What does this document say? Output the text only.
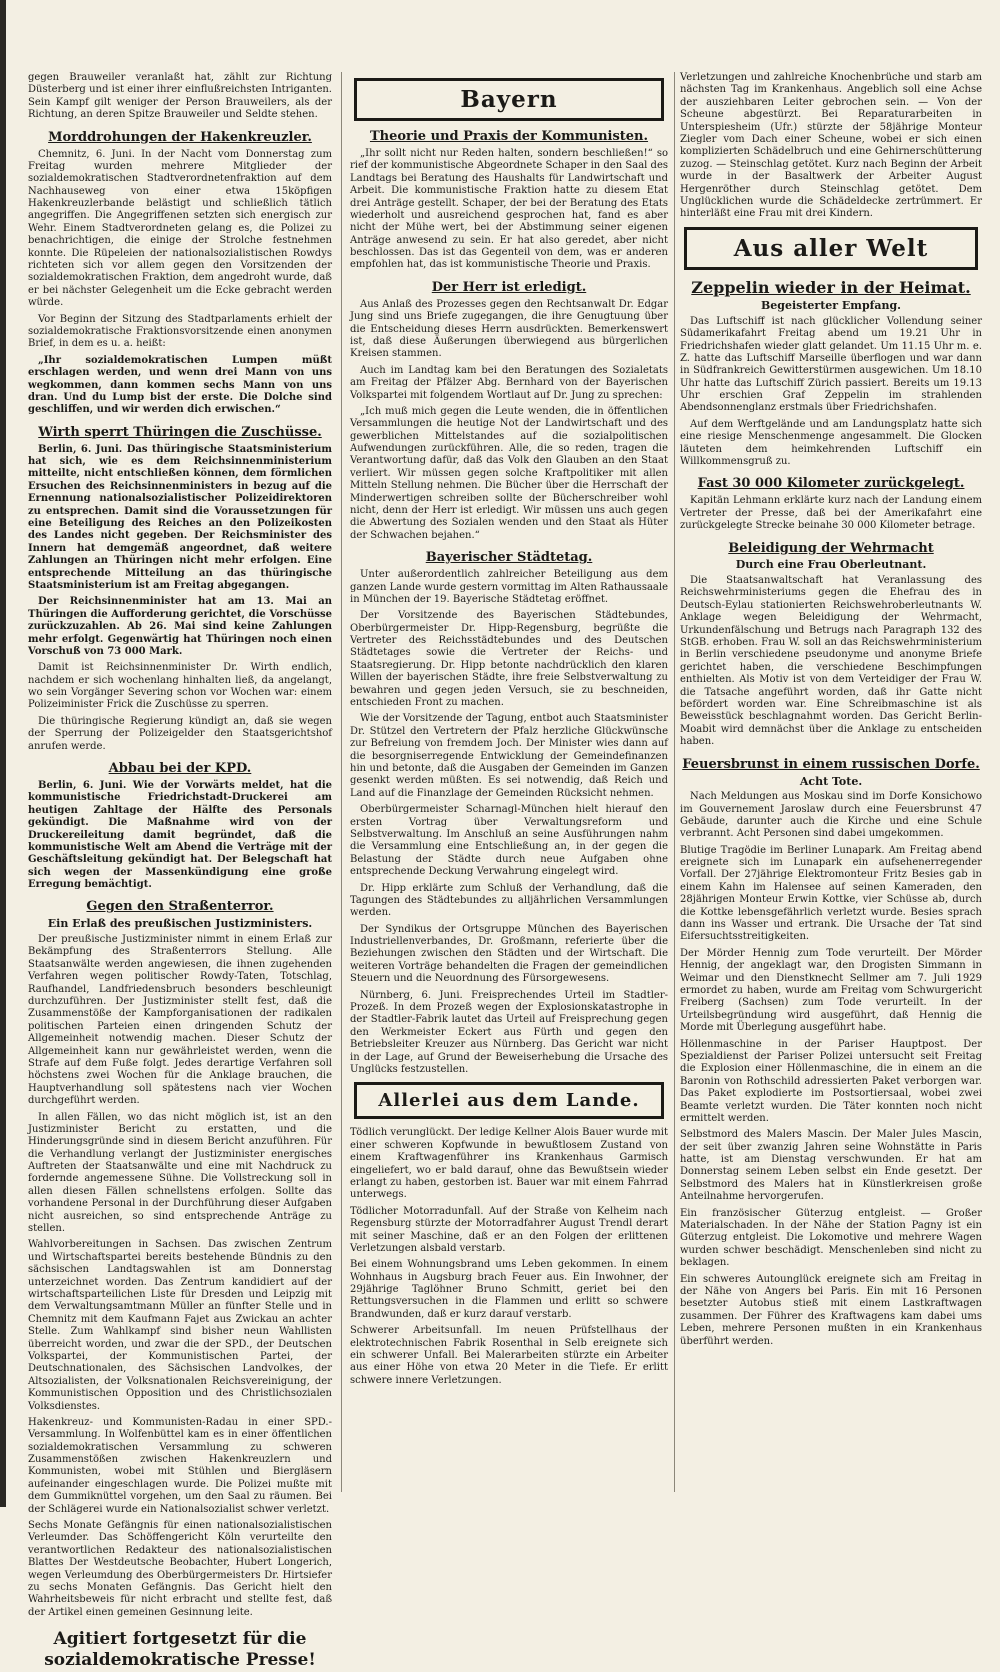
gegen Brauweiler veranlaßt hat, zählt zur Richtung Düsterberg und ist einer ihrer einflußreichsten Intriganten. Sein Kampf gilt weniger der Person Brauweilers, als der Richtung, an deren Spitze Brauweiler und Seldte stehen.

Morddrohungen der Hakenkreuzler.

Chemnitz, 6. Juni. In der Nacht vom Donnerstag zum Freitag wurden mehrere Mitglieder der sozialdemokratischen Stadtverordnetenfraktion auf dem Nachhauseweg von einer etwa 15köpfigen Hakenkreuzlerbande belästigt und schließlich tätlich angegriffen. Die Angegriffenen setzten sich energisch zur Wehr. Einem Stadtverordneten gelang es, die Polizei zu benachrichtigen, die einige der Strolche festnehmen konnte. Die Rüpeleien der nationalsozialistischen Rowdys richteten sich vor allem gegen den Vorsitzenden der sozialdemokratischen Fraktion, dem angedroht wurde, daß er bei nächster Gelegenheit um die Ecke gebracht werden würde.

Vor Beginn der Sitzung des Stadtparlaments erhielt der sozialdemokratische Fraktionsvorsitzende einen anonymen Brief, in dem es u. a. heißt:

„Ihr sozialdemokratischen Lumpen müßt erschlagen werden, und wenn drei Mann von uns wegkommen, dann kommen sechs Mann von uns dran. Und du Lump bist der erste. Die Dolche sind geschliffen, und wir werden dich erwischen.“

Wirth sperrt Thüringen die Zuschüsse.

Berlin, 6. Juni. Das thüringische Staatsministerium hat sich, wie es dem Reichsinnenministerium mitteilte, nicht entschließen können, dem förmlichen Ersuchen des Reichsinnenministers in bezug auf die Ernennung nationalsozialistischer Polizeidirektoren zu entsprechen. Damit sind die Voraussetzungen für eine Beteiligung des Reiches an den Polizeikosten des Landes nicht gegeben. Der Reichsminister des Innern hat demgemäß angeordnet, daß weitere Zahlungen an Thüringen nicht mehr erfolgen. Eine entsprechende Mitteilung an das thüringische Staatsministerium ist am Freitag abgegangen.

Der Reichsinnenminister hat am 13. Mai an Thüringen die Aufforderung gerichtet, die Vorschüsse zurückzuzahlen. Ab 26. Mai sind keine Zahlungen mehr erfolgt. Gegenwärtig hat Thüringen noch einen Vorschuß von 73 000 Mark.

Damit ist Reichsinnenminister Dr. Wirth endlich, nachdem er sich wochenlang hinhalten ließ, da angelangt, wo sein Vorgänger Severing schon vor Wochen war: einem Polizeiminister Frick die Zuschüsse zu sperren.

Die thüringische Regierung kündigt an, daß sie wegen der Sperrung der Polizeigelder den Staatsgerichtshof anrufen werde.

Abbau bei der KPD.

Berlin, 6. Juni. Wie der Vorwärts meldet, hat die kommunistische Friedrichstadt-Druckerei am heutigen Zahltage der Hälfte des Personals gekündigt. Die Maßnahme wird von der Druckereileitung damit begründet, daß die kommunistische Welt am Abend die Verträge mit der Geschäftsleitung gekündigt hat. Der Belegschaft hat sich wegen der Massenkündigung eine große Erregung bemächtigt.

Gegen den Straßenterror.
Ein Erlaß des preußischen Justizministers.

Der preußische Justizminister nimmt in einem Erlaß zur Bekämpfung des Straßenterrors Stellung. Alle Staatsanwälte werden angewiesen, die ihnen zugehenden Verfahren wegen politischer Rowdy-Taten, Totschlag, Raufhandel, Landfriedensbruch besonders beschleunigt durchzuführen. Der Justizminister stellt fest, daß die Zusammenstöße der Kampforganisationen der radikalen politischen Parteien einen dringenden Schutz der Allgemeinheit notwendig machen. Dieser Schutz der Allgemeinheit kann nur gewährleistet werden, wenn die Strafe auf dem Fuße folgt. Jedes derartige Verfahren soll höchstens zwei Wochen für die Anklage brauchen, die Hauptverhandlung soll spätestens nach vier Wochen durchgeführt werden.

In allen Fällen, wo das nicht möglich ist, ist an den Justizminister Bericht zu erstatten, und die Hinderungsgründe sind in diesem Bericht anzuführen. Für die Verhandlung verlangt der Justizminister energisches Auftreten der Staatsanwälte und eine mit Nachdruck zu fordernde angemessene Sühne. Die Vollstreckung soll in allen diesen Fällen schnellstens erfolgen. Sollte das vorhandene Personal in der Durchführung dieser Aufgaben nicht ausreichen, so sind entsprechende Anträge zu stellen.

Wahlvorbereitungen in Sachsen. Das zwischen Zentrum und Wirtschaftspartei bereits bestehende Bündnis zu den sächsischen Landtagswahlen ist am Donnerstag unterzeichnet worden. Das Zentrum kandidiert auf der wirtschaftsparteilichen Liste für Dresden und Leipzig mit dem Verwaltungsamtmann Müller an fünfter Stelle und in Chemnitz mit dem Kaufmann Fajet aus Zwickau an achter Stelle. Zum Wahlkampf sind bisher neun Wahllisten überreicht worden, und zwar die der SPD., der Deutschen Volkspartei, der Kommunistischen Partei, der Deutschnationalen, des Sächsischen Landvolkes, der Altsozialisten, der Volksnationalen Reichsvereinigung, der Kommunistischen Opposition und des Christlichsozialen Volksdienstes.

Hakenkreuz- und Kommunisten-Radau in einer SPD.-Versammlung. In Wolfenbüttel kam es in einer öffentlichen sozialdemokratischen Versammlung zu schweren Zusammenstößen zwischen Hakenkreuzlern und Kommunisten, wobei mit Stühlen und Biergläsern aufeinander eingeschlagen wurde. Die Polizei mußte mit dem Gummiknüttel vorgehen, um den Saal zu räumen. Bei der Schlägerei wurde ein Nationalsozialist schwer verletzt.

Sechs Monate Gefängnis für einen nationalsozialistischen Verleumder. Das Schöffengericht Köln verurteilte den verantwortlichen Redakteur des nationalsozialistischen Blattes Der Westdeutsche Beobachter, Hubert Longerich, wegen Verleumdung des Oberbürgermeisters Dr. Hirtsiefer zu sechs Monaten Gefängnis. Das Gericht hielt den Wahrheitsbeweis für nicht erbracht und stellte fest, daß der Artikel einen gemeinen Gesinnung leite.

Agitiert fortgesetzt für die sozialdemokratische Presse!
Bayern
Theorie und Praxis der Kommunisten.

„Ihr sollt nicht nur Reden halten, sondern beschließen!“ so rief der kommunistische Abgeordnete Schaper in den Saal des Landtags bei Beratung des Haushalts für Landwirtschaft und Arbeit. Die kommunistische Fraktion hatte zu diesem Etat drei Anträge gestellt. Schaper, der bei der Beratung des Etats wiederholt und ausreichend gesprochen hat, fand es aber nicht der Mühe wert, bei der Abstimmung seiner eigenen Anträge anwesend zu sein. Er hat also geredet, aber nicht beschlossen. Das ist das Gegenteil von dem, was er anderen empfohlen hat, das ist kommunistische Theorie und Praxis.

Der Herr ist erledigt.

Aus Anlaß des Prozesses gegen den Rechtsanwalt Dr. Edgar Jung sind uns Briefe zugegangen, die ihre Genugtuung über die Entscheidung dieses Herrn ausdrückten. Bemerkenswert ist, daß diese Äußerungen überwiegend aus bürgerlichen Kreisen stammen.

Auch im Landtag kam bei den Beratungen des Sozialetats am Freitag der Pfälzer Abg. Bernhard von der Bayerischen Volkspartei mit folgendem Wortlaut auf Dr. Jung zu sprechen:

„Ich muß mich gegen die Leute wenden, die in öffentlichen Versammlungen die heutige Not der Landwirtschaft und des gewerblichen Mittelstandes auf die sozialpolitischen Aufwendungen zurückführen. Alle, die so reden, tragen die Verantwortung dafür, daß das Volk den Glauben an den Staat verliert. Wir müssen gegen solche Kraftpolitiker mit allen Mitteln Stellung nehmen. Die Bücher über die Herrschaft der Minderwertigen schreiben sollte der Bücherschreiber wohl nicht, denn der Herr ist erledigt. Wir müssen uns auch gegen die Abwertung des Sozialen wenden und den Staat als Hüter der Schwachen bejahen.“

Bayerischer Städtetag.

Unter außerordentlich zahlreicher Beteiligung aus dem ganzen Lande wurde gestern vormittag im Alten Rathaussaale in München der 19. Bayerische Städtetag eröffnet.

Der Vorsitzende des Bayerischen Städtebundes, Oberbürgermeister Dr. Hipp-Regensburg, begrüßte die Vertreter des Reichsstädtebundes und des Deutschen Städtetages sowie die Vertreter der Reichs- und Staatsregierung. Dr. Hipp betonte nachdrücklich den klaren Willen der bayerischen Städte, ihre freie Selbstverwaltung zu bewahren und gegen jeden Versuch, sie zu beschneiden, entschieden Front zu machen.

Wie der Vorsitzende der Tagung, entbot auch Staatsminister Dr. Stützel den Vertretern der Pfalz herzliche Glückwünsche zur Befreiung von fremdem Joch. Der Minister wies dann auf die besorgniserregende Entwicklung der Gemeindefinanzen hin und betonte, daß die Ausgaben der Gemeinden im Ganzen gesenkt werden müßten. Es sei notwendig, daß Reich und Land auf die Finanzlage der Gemeinden Rücksicht nehmen.

Oberbürgermeister Scharnagl-München hielt hierauf den ersten Vortrag über Verwaltungsreform und Selbstverwaltung. Im Anschluß an seine Ausführungen nahm die Versammlung eine Entschließung an, in der gegen die Belastung der Städte durch neue Aufgaben ohne entsprechende Deckung Verwahrung eingelegt wird.

Dr. Hipp erklärte zum Schluß der Verhandlung, daß die Tagungen des Städtebundes zu alljährlichen Versammlungen werden.

Der Syndikus der Ortsgruppe München des Bayerischen Industriellenverbandes, Dr. Großmann, referierte über die Beziehungen zwischen den Städten und der Wirtschaft. Die weiteren Vorträge behandelten die Fragen der gemeindlichen Steuern und die Neuordnung des Fürsorgewesens.

Nürnberg, 6. Juni. Freisprechendes Urteil im Stadtler-Prozeß. In dem Prozeß wegen der Explosionskatastrophe in der Stadtler-Fabrik lautet das Urteil auf Freisprechung gegen den Werkmeister Eckert aus Fürth und gegen den Betriebsleiter Kreuzer aus Nürnberg. Das Gericht war nicht in der Lage, auf Grund der Beweiserhebung die Ursache des Unglücks festzustellen.

Allerlei aus dem Lande.

Tödlich verunglückt. Der ledige Kellner Alois Bauer wurde mit einer schweren Kopfwunde in bewußtlosem Zustand von einem Kraftwagenführer ins Krankenhaus Garmisch eingeliefert, wo er bald darauf, ohne das Bewußtsein wieder erlangt zu haben, gestorben ist. Bauer war mit einem Fahrrad unterwegs.

Tödlicher Motorradunfall. Auf der Straße von Kelheim nach Regensburg stürzte der Motorradfahrer August Trendl derart mit seiner Maschine, daß er an den Folgen der erlittenen Verletzungen alsbald verstarb.

Bei einem Wohnungsbrand ums Leben gekommen. In einem Wohnhaus in Augsburg brach Feuer aus. Ein Inwohner, der 29jährige Taglöhner Bruno Schmitt, geriet bei den Rettungsversuchen in die Flammen und erlitt so schwere Brandwunden, daß er kurz darauf verstarb.

Schwerer Arbeitsunfall. Im neuen Prüfstellhaus der elektrotechnischen Fabrik Rosenthal in Selb ereignete sich ein schwerer Unfall. Bei Malerarbeiten stürzte ein Arbeiter aus einer Höhe von etwa 20 Meter in die Tiefe. Er erlitt schwere innere Verletzungen.

Verletzungen und zahlreiche Knochenbrüche und starb am nächsten Tag im Krankenhaus. Angeblich soll eine Achse der ausziehbaren Leiter gebrochen sein. — Von der Scheune abgestürzt. Bei Reparaturarbeiten in Unterspiesheim (Ufr.) stürzte der 58jährige Monteur Ziegler vom Dach einer Scheune, wobei er sich einen komplizierten Schädelbruch und eine Gehirnerschütterung zuzog. — Steinschlag getötet. Kurz nach Beginn der Arbeit wurde in der Basaltwerk der Arbeiter August Hergenröther durch Steinschlag getötet. Dem Unglücklichen wurde die Schädeldecke zertrümmert. Er hinterläßt eine Frau mit drei Kindern.

Aus aller Welt
Zeppelin wieder in der Heimat.
Begeisterter Empfang.

Das Luftschiff ist nach glücklicher Vollendung seiner Südamerikafahrt Freitag abend um 19.21 Uhr in Friedrichshafen wieder glatt gelandet. Um 11.15 Uhr m. e. Z. hatte das Luftschiff Marseille überflogen und war dann in Südfrankreich Gewitterstürmen ausgewichen. Um 18.10 Uhr hatte das Luftschiff Zürich passiert. Bereits um 19.13 Uhr erschien Graf Zeppelin im strahlenden Abendsonnenglanz erstmals über Friedrichshafen.

Auf dem Werftgelände und am Landungsplatz hatte sich eine riesige Menschenmenge angesammelt. Die Glocken läuteten dem heimkehrenden Luftschiff ein Willkommensgruß zu.

Fast 30 000 Kilometer zurückgelegt.

Kapitän Lehmann erklärte kurz nach der Landung einem Vertreter der Presse, daß bei der Amerikafahrt eine zurückgelegte Strecke beinahe 30 000 Kilometer betrage.

Beleidigung der Wehrmacht
Durch eine Frau Oberleutnant.

Die Staatsanwaltschaft hat Veranlassung des Reichswehrministeriums gegen die Ehefrau des in Deutsch-Eylau stationierten Reichswehroberleutnants W. Anklage wegen Beleidigung der Wehrmacht, Urkundenfälschung und Betrugs nach Paragraph 132 des StGB. erhoben. Frau W. soll an das Reichswehrministerium in Berlin verschiedene pseudonyme und anonyme Briefe gerichtet haben, die verschiedene Beschimpfungen enthielten. Als Motiv ist von dem Verteidiger der Frau W. die Tatsache angeführt worden, daß ihr Gatte nicht befördert worden war. Eine Schreibmaschine ist als Beweisstück beschlagnahmt worden. Das Gericht Berlin-Moabit wird demnächst über die Anklage zu entscheiden haben.

Feuersbrunst in einem russischen Dorfe.
Acht Tote.

Nach Meldungen aus Moskau sind im Dorfe Konsichowo im Gouvernement Jaroslaw durch eine Feuersbrunst 47 Gebäude, darunter auch die Kirche und eine Schule verbrannt. Acht Personen sind dabei umgekommen.

Blutige Tragödie im Berliner Lunapark. Am Freitag abend ereignete sich im Lunapark ein aufsehenerregender Vorfall. Der 27jährige Elektromonteur Fritz Besies gab in einem Kahn im Halensee auf seinen Kameraden, den 28jährigen Monteur Erwin Kottke, vier Schüsse ab, durch die Kottke lebensgefährlich verletzt wurde. Besies sprach dann ins Wasser und ertrank. Die Ursache der Tat sind Eifersuchtsstreitigkeiten.

Der Mörder Hennig zum Tode verurteilt. Der Mörder Hennig, der angeklagt war, den Drogisten Simmann in Weimar und den Dienstknecht Sellmer am 7. Juli 1929 ermordet zu haben, wurde am Freitag vom Schwurgericht Freiberg (Sachsen) zum Tode verurteilt. In der Urteilsbegründung wird ausgeführt, daß Hennig die Morde mit Überlegung ausgeführt habe.

Höllenmaschine in der Pariser Hauptpost. Der Spezialdienst der Pariser Polizei untersucht seit Freitag die Explosion einer Höllenmaschine, die in einem an die Baronin von Rothschild adressierten Paket verborgen war. Das Paket explodierte im Postsortiersaal, wobei zwei Beamte verletzt wurden. Die Täter konnten noch nicht ermittelt werden.

Selbstmord des Malers Mascin. Der Maler Jules Mascin, der seit über zwanzig Jahren seine Wohnstätte in Paris hatte, ist am Dienstag verschwunden. Er hat am Donnerstag seinem Leben selbst ein Ende gesetzt. Der Selbstmord des Malers hat in Künstlerkreisen große Anteilnahme hervorgerufen.

Ein französischer Güterzug entgleist. — Großer Materialschaden. In der Nähe der Station Pagny ist ein Güterzug entgleist. Die Lokomotive und mehrere Wagen wurden schwer beschädigt. Menschenleben sind nicht zu beklagen.

Ein schweres Autounglück ereignete sich am Freitag in der Nähe von Angers bei Paris. Ein mit 16 Personen besetzter Autobus stieß mit einem Lastkraftwagen zusammen. Der Führer des Kraftwagens kam dabei ums Leben, mehrere Personen mußten in ein Krankenhaus überführt werden.
